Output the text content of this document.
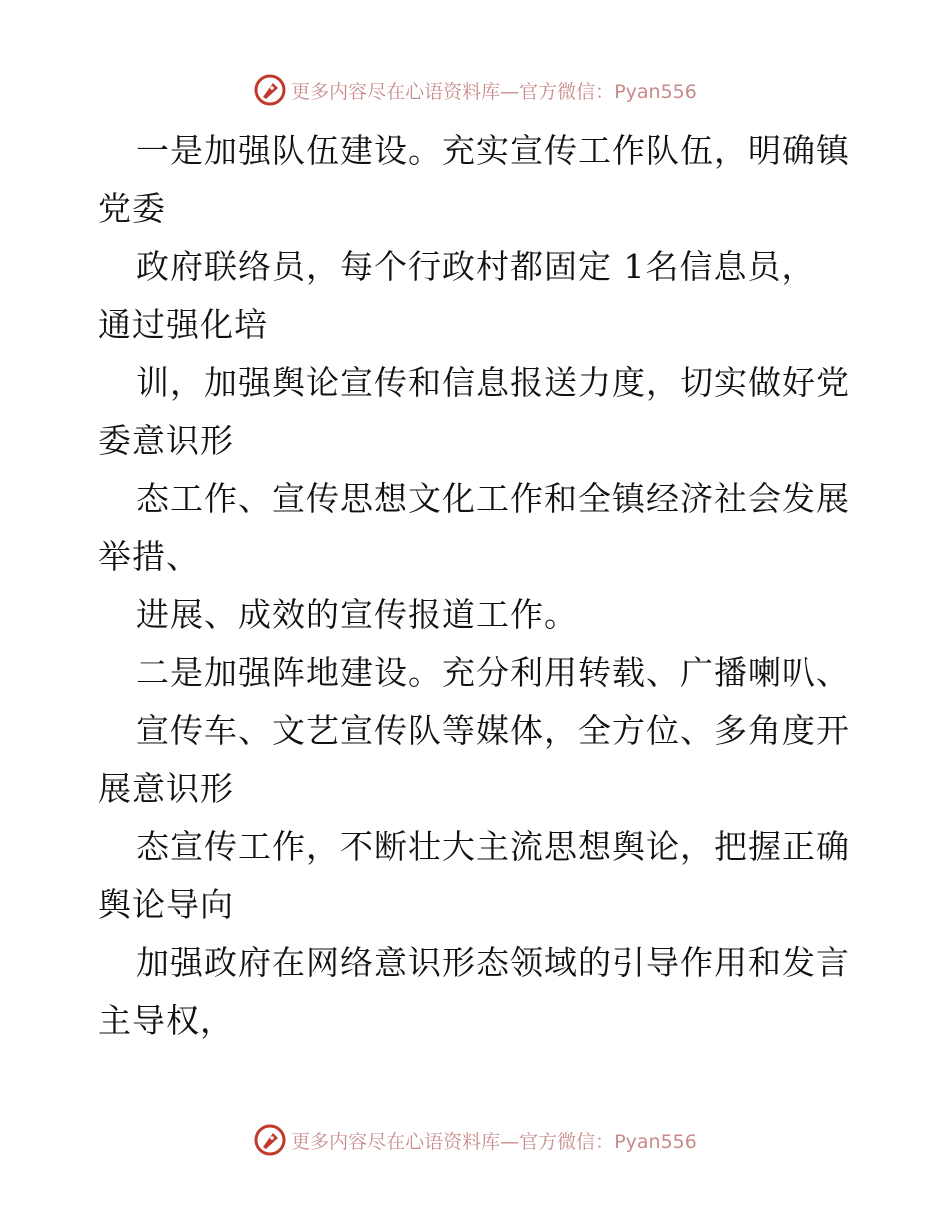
更多内容尽在心语资料库—官方微信：Pyan556
一是加强队伍建设。充实宣传工作队伍，明确镇
党委
政府联络员，每个行政村都固定 1名信息员，
通过强化培
训，加强舆论宣传和信息报送力度，切实做好党
委意识形
态工作、宣传思想文化工作和全镇经济社会发展
举措、
进展、成效的宣传报道工作。
二是加强阵地建设。充分利用转载、广播喇叭、
宣传车、文艺宣传队等媒体，全方位、多角度开
展意识形
态宣传工作，不断壮大主流思想舆论，把握正确
舆论导向
加强政府在网络意识形态领域的引导作用和发言
主导权，
更多内容尽在心语资料库—官方微信：Pyan556
